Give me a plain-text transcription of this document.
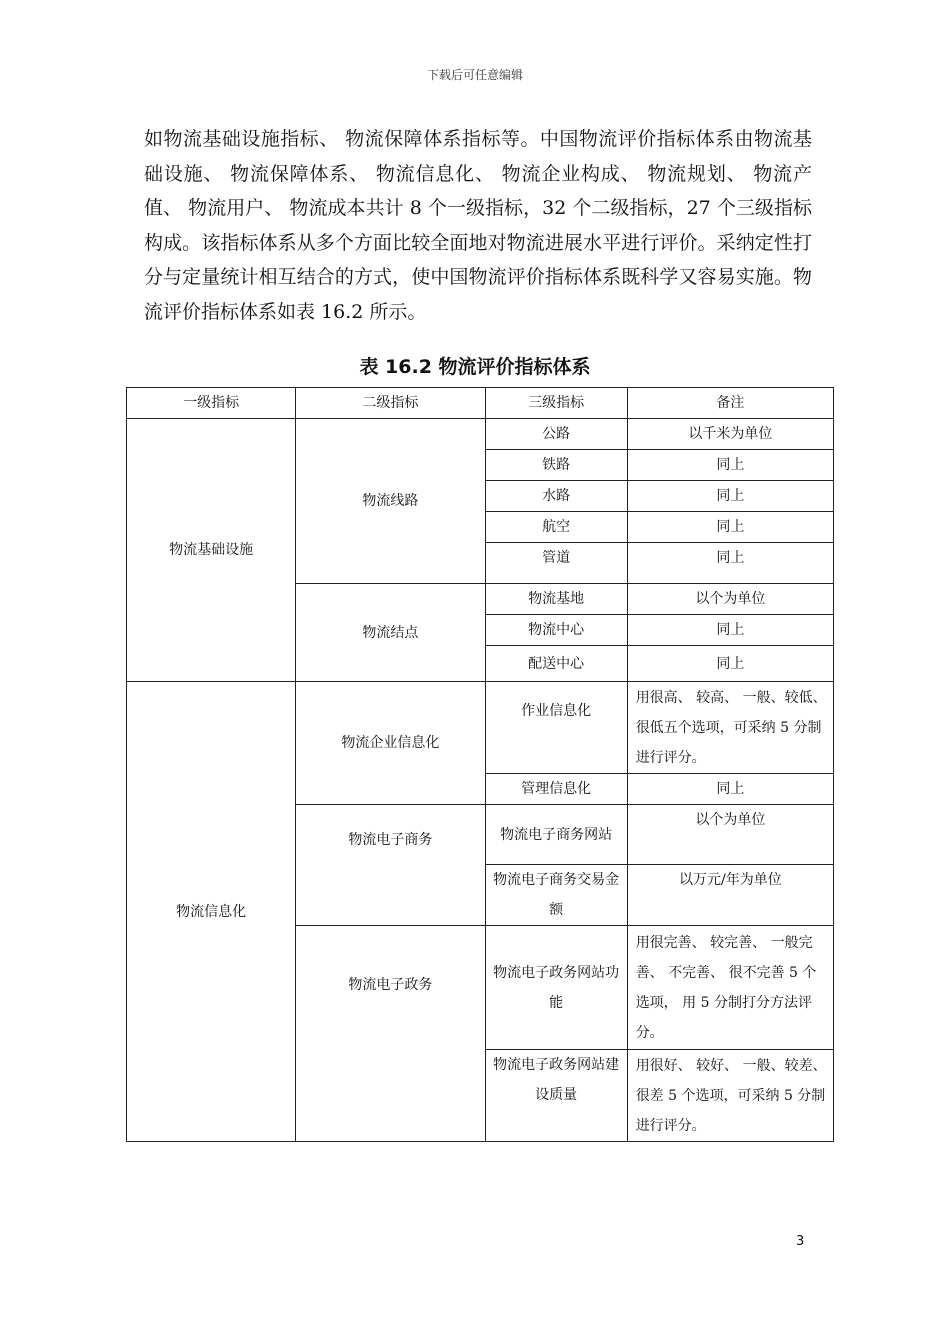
下载后可任意编辑

如物流基础设施指标、 物流保障体系指标等。中国物流评价指标体系由物流基础设施、 物流保障体系、 物流信息化、 物流企业构成、 物流规划、 物流产值、 物流用户、 物流成本共计 8 个一级指标，32 个二级指标，27 个三级指标构成。该指标体系从多个方面比较全面地对物流进展水平进行评价。采纳定性打分与定量统计相互结合的方式，使中国物流评价指标体系既科学又容易实施。物流评价指标体系如表 16.2 所示。

表 16.2 物流评价指标体系
一级指标	二级指标	三级指标	备注
物流基础设施	物流线路	公路	以千米为单位
		铁路	同上
		水路	同上
		航空	同上
		管道	同上
	物流结点	物流基地	以个为单位
		物流中心	同上
		配送中心	同上
物流信息化	物流企业信息化	作业信息化	用很高、 较高、 一般、较低、 很低五个选项，可采纳 5 分制进行评分。
		管理信息化	同上
	物流电子商务	物流电子商务网站	以个为单位
		物流电子商务交易金额	以万元/年为单位
	物流电子政务	物流电子政务网站功能	用很完善、 较完善、 一般完善、 不完善、 很不完善 5 个选项， 用 5 分制打分方法评分。
		物流电子政务网站建设质量	用很好、 较好、 一般、较差、 很差 5 个选项，可采纳 5 分制进行评分。
3
